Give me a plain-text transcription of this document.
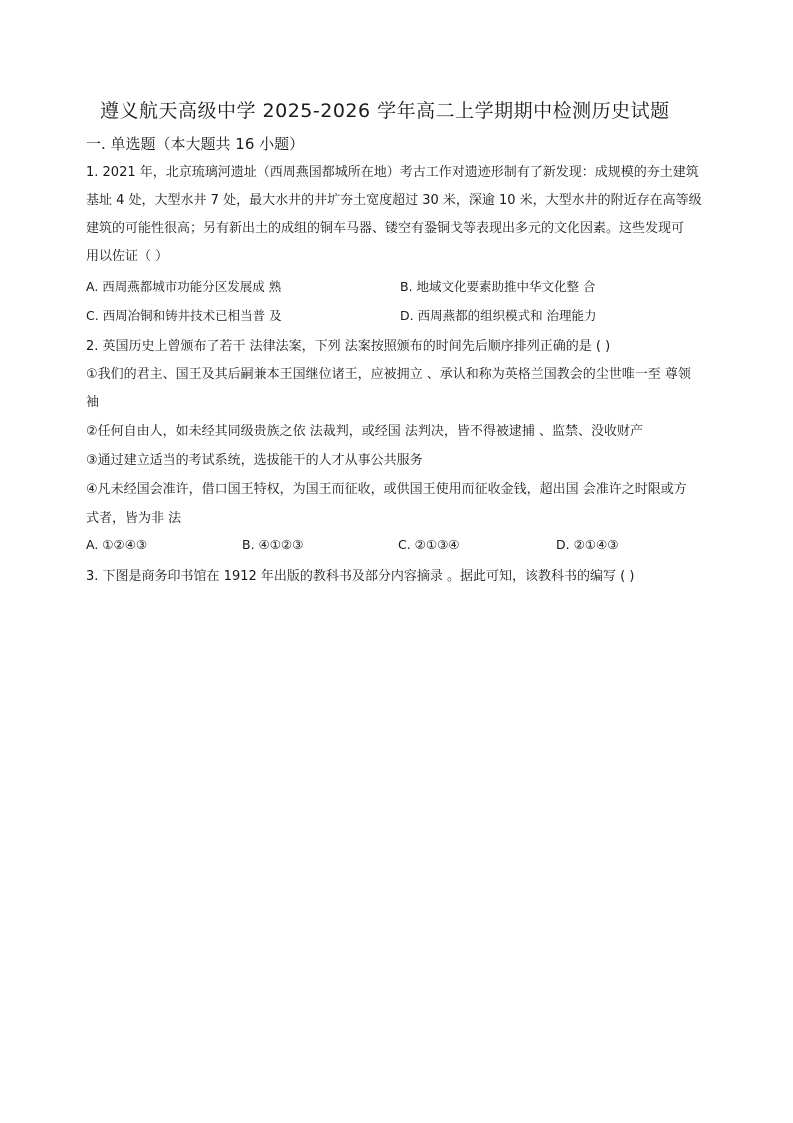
遵义航天高级中学 2025-2026 学年高二上学期期中检测历史试题
一. 单选题（本大题共 16 小题）
1. 2021 年，北京琉璃河遗址（西周燕国都城所在地）考古工作对遗迹形制有了新发现：成规模的夯土建筑
基址 4 处，大型水井 7 处，最大水井的井圹夯土宽度超过 30 米，深逾 10 米，大型水井的附近存在高等级
建筑的可能性很高；另有新出土的成组的铜车马器、镂空有銎铜戈等表现出多元的文化因素。这些发现可
用以佐证（ ）
A. 西周燕都城市功能分区发展成 熟	B. 地域文化要素助推中华文化整 合
C. 西周冶铜和铸井技术已相当普 及	D. 西周燕都的组织模式和 治理能力
2. 英国历史上曾颁布了若干 法律法案，下列 法案按照颁布的时间先后顺序排列正确的是 ( )
①我们的君主、国王及其后嗣兼本王国继位诸王，应被拥立 、承认和称为英格兰国教会的尘世唯一至 尊领
袖
②任何自由人，如未经其同级贵族之依 法裁判，或经国 法判决，皆不得被逮捕 、监禁、没收财产
③通过建立适当的考试系统，选拔能干的人才从事公共服务
④凡未经国会准许，借口国王特权，为国王而征收，或供国王使用而征收金钱，超出国 会准许之时限或方
式者，皆为非 法
A. ①②④③	B. ④①②③	C. ②①③④	D. ②①④③
3. 下图是商务印书馆在 1912 年出版的教科书及部分内容摘录 。据此可知，该教科书的编写 ( )
